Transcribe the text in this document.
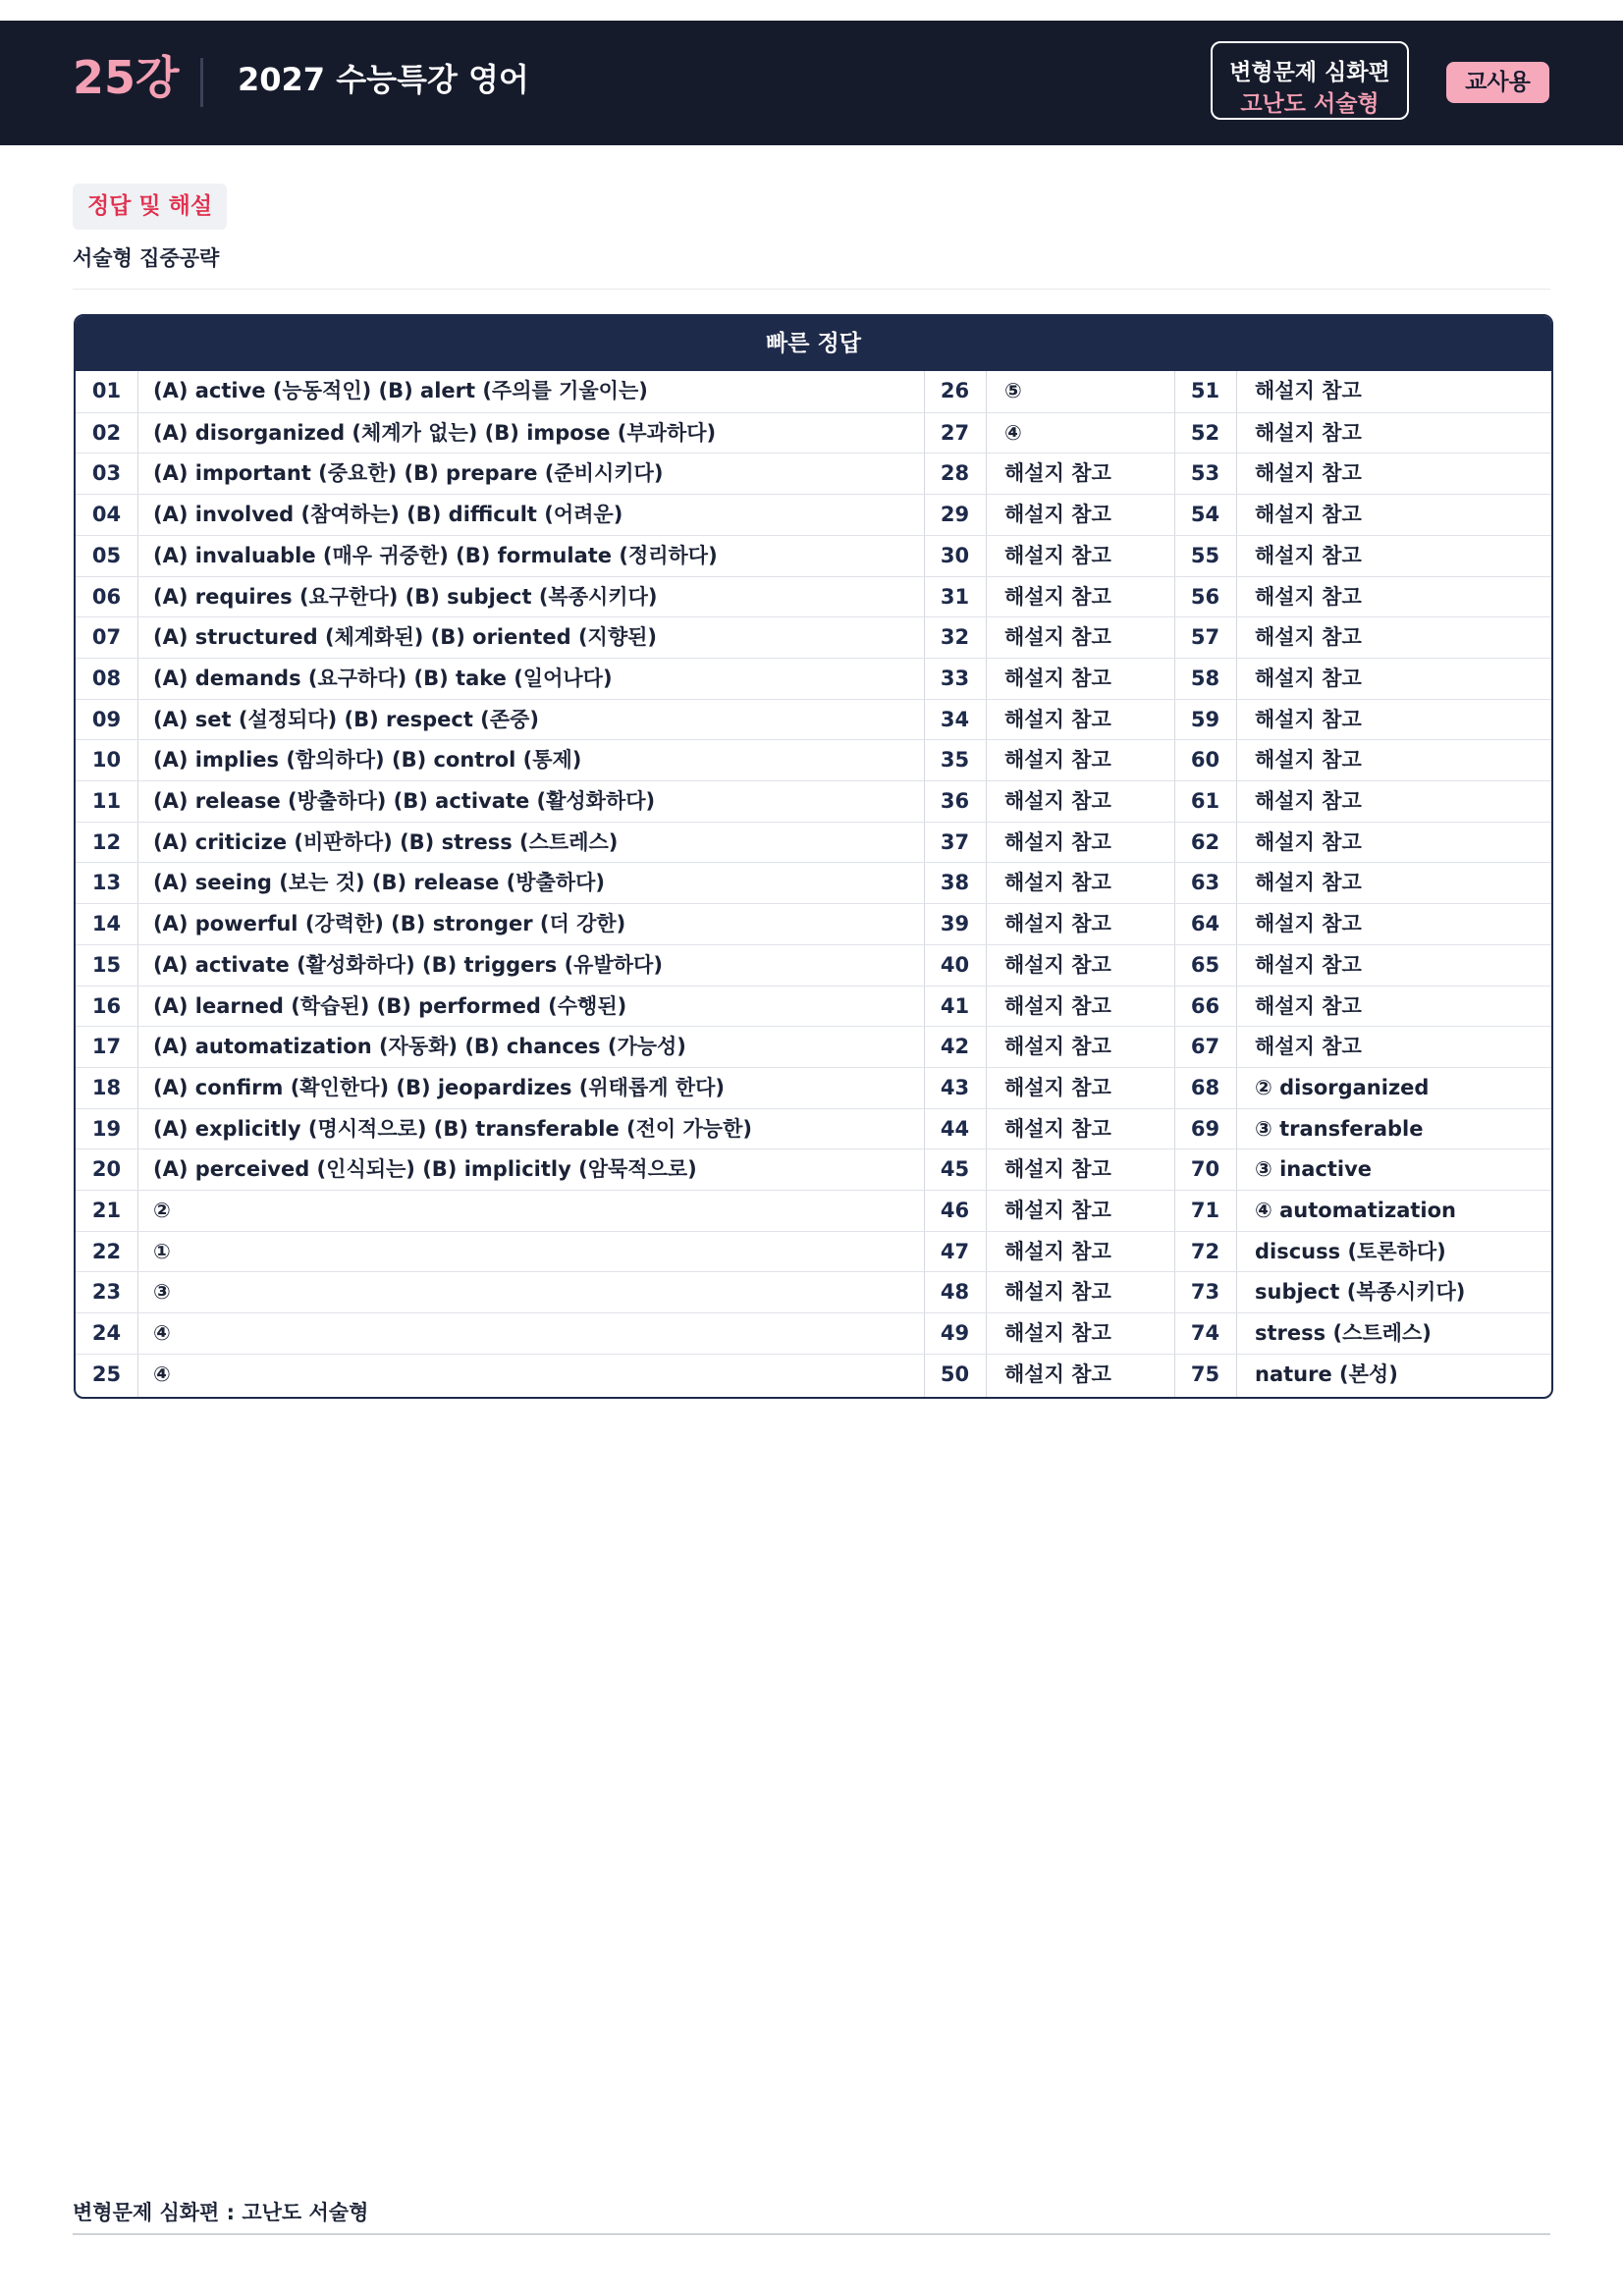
25강 2027 수능특강 영어	변형문제 심화편
고난도 서술형
교사용
정답 및 해설
서술형 집중공략
빠른 정답
01	(A) active (능동적인) (B) alert (주의를 기울이는)	26	⑤	51	해설지 참고
02	(A) disorganized (체계가 없는) (B) impose (부과하다)	27	④	52	해설지 참고
03	(A) important (중요한) (B) prepare (준비시키다)	28	해설지 참고	53	해설지 참고
04	(A) involved (참여하는) (B) difficult (어려운)	29	해설지 참고	54	해설지 참고
05	(A) invaluable (매우 귀중한) (B) formulate (정리하다)	30	해설지 참고	55	해설지 참고
06	(A) requires (요구한다) (B) subject (복종시키다)	31	해설지 참고	56	해설지 참고
07	(A) structured (체계화된) (B) oriented (지향된)	32	해설지 참고	57	해설지 참고
08	(A) demands (요구하다) (B) take (일어나다)	33	해설지 참고	58	해설지 참고
09	(A) set (설정되다) (B) respect (존중)	34	해설지 참고	59	해설지 참고
10	(A) implies (함의하다) (B) control (통제)	35	해설지 참고	60	해설지 참고
11	(A) release (방출하다) (B) activate (활성화하다)	36	해설지 참고	61	해설지 참고
12	(A) criticize (비판하다) (B) stress (스트레스)	37	해설지 참고	62	해설지 참고
13	(A) seeing (보는 것) (B) release (방출하다)	38	해설지 참고	63	해설지 참고
14	(A) powerful (강력한) (B) stronger (더 강한)	39	해설지 참고	64	해설지 참고
15	(A) activate (활성화하다) (B) triggers (유발하다)	40	해설지 참고	65	해설지 참고
16	(A) learned (학습된) (B) performed (수행된)	41	해설지 참고	66	해설지 참고
17	(A) automatization (자동화) (B) chances (가능성)	42	해설지 참고	67	해설지 참고
18	(A) confirm (확인한다) (B) jeopardizes (위태롭게 한다)	43	해설지 참고	68	② disorganized
19	(A) explicitly (명시적으로) (B) transferable (전이 가능한)	44	해설지 참고	69	③ transferable
20	(A) perceived (인식되는) (B) implicitly (암묵적으로)	45	해설지 참고	70	③ inactive
21	②	46	해설지 참고	71	④ automatization
22	①	47	해설지 참고	72	discuss (토론하다)
23	③	48	해설지 참고	73	subject (복종시키다)
24	④	49	해설지 참고	74	stress (스트레스)
25	④	50	해설지 참고	75	nature (본성)
변형문제 심화편 : 고난도 서술형
